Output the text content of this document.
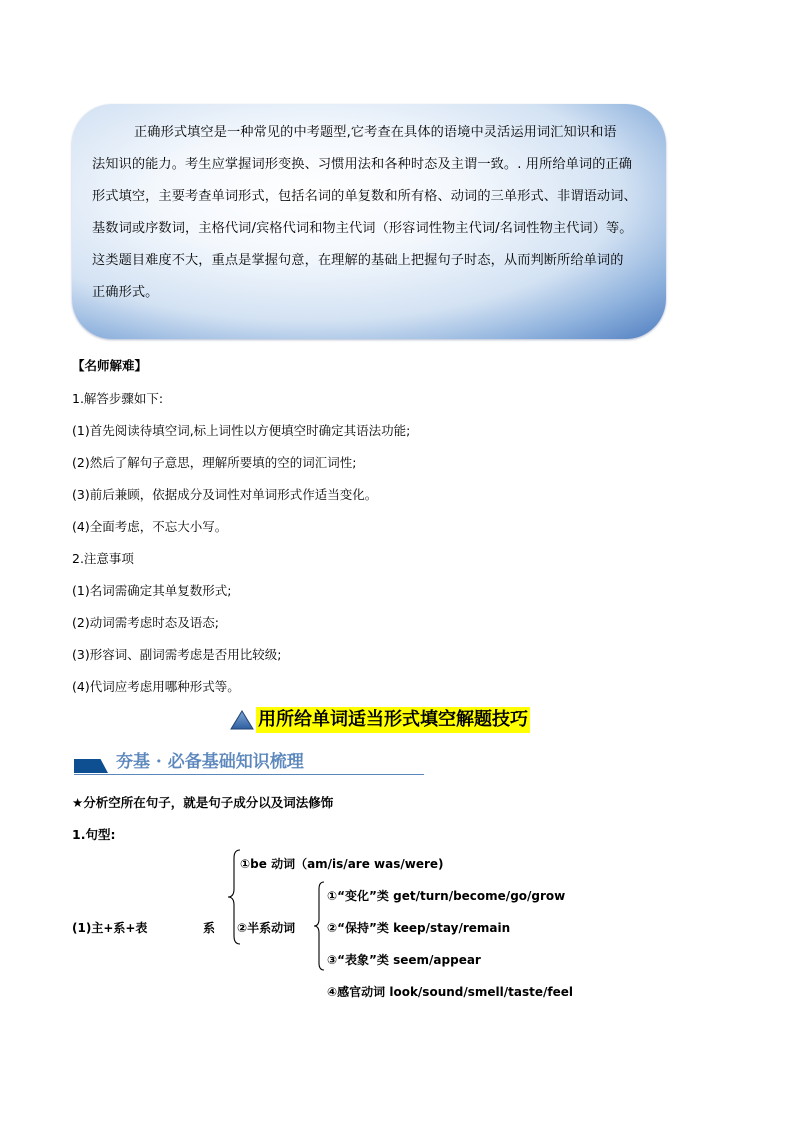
正确形式填空是一种常见的中考题型,它考查在具体的语境中灵活运用词汇知识和语
法知识的能力。考生应掌握词形变换、习惯用法和各种时态及主谓一致。. 用所给单词的正确
形式填空，主要考查单词形式，包括名词的单复数和所有格、动词的三单形式、非谓语动词、
基数词或序数词，主格代词/宾格代词和物主代词（形容词性物主代词/名词性物主代词）等。
这类题目难度不大，重点是掌握句意，在理解的基础上把握句子时态，从而判断所给单词的
正确形式。
【名师解难】
1.解答步骤如下:
(1)首先阅读待填空词,标上词性以方便填空时确定其语法功能;
(2)然后了解句子意思，理解所要填的空的词汇词性;
(3)前后兼顾，依据成分及词性对单词形式作适当变化。
(4)全面考虑，不忘大小写。
2.注意事项
(1)名词需确定其单复数形式;
(2)动词需考虑时态及语态;
(3)形容词、副词需考虑是否用比较级;
(4)代词应考虑用哪种形式等。
用所给单词适当形式填空解题技巧
夯基 · 必备基础知识梳理
★分析空所在句子，就是句子成分以及词法修饰
1.句型:
(1)主+系+表	系
①be 动词（am/is/are was/were)
②半系动词
①“变化”类 get/turn/become/go/grow
②“保持”类 keep/stay/remain
③“表象”类 seem/appear
④感官动词 look/sound/smell/taste/feel
